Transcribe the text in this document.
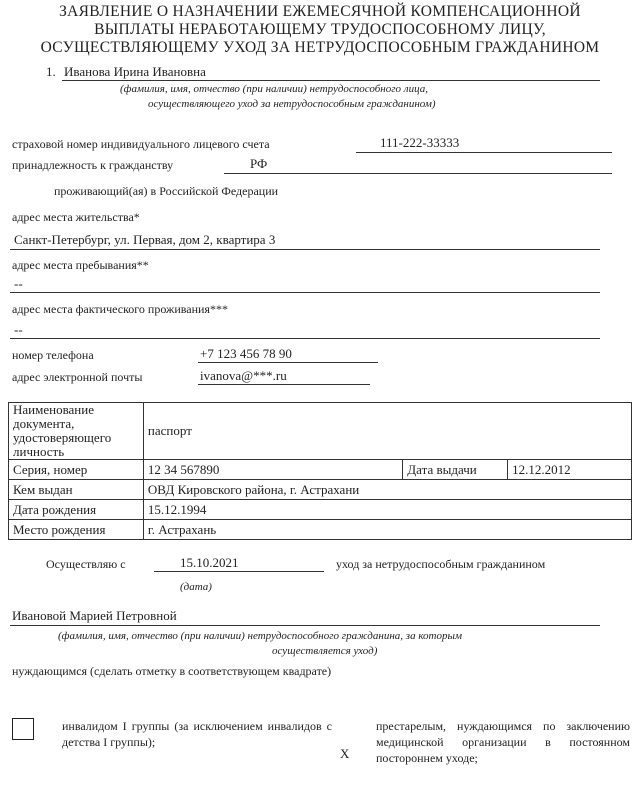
ЗАЯВЛЕНИЕ О НАЗНАЧЕНИИ ЕЖЕМЕСЯЧНОЙ КОМПЕНСАЦИОННОЙ
ВЫПЛАТЫ НЕРАБОТАЮЩЕМУ ТРУДОСПОСОБНОМУ ЛИЦУ,
ОСУЩЕСТВЛЯЮЩЕМУ УХОД ЗА НЕТРУДОСПОСОБНЫМ ГРАЖДАНИНОМ
1. Иванова Ирина Ивановна
(фамилия, имя, отчество (при наличии) нетрудоспособного лица,
осуществляющего уход за нетрудоспособным гражданином)
страховой номер индивидуального лицевого счета	111-222-33333
принадлежность к гражданству	РФ
проживающий(ая) в Российской Федерации
адрес места жительства*
Санкт-Петербург, ул. Первая, дом 2, квартира 3
адрес места пребывания**
--
адрес места фактического проживания***
--
номер телефона	+7 123 456 78 90
адрес электронной почты	ivanova@***.ru
Наименование документа, удостоверяющего личность	паспорт		
Серия, номер	12 34 567890	Дата выдачи	12.12.2012
Кем выдан	ОВД Кировского района, г. Астрахани		
Дата рождения	15.12.1994		
Место рождения	г. Астрахань		
Осуществляю с	15.10.2021	уход за нетрудоспособным гражданином
(дата)
Ивановой Марией Петровной
(фамилия, имя, отчество (при наличии) нетрудоспособного гражданина, за которым
осуществляется уход)
нуждающимся (сделать отметку в соответствующем квадрате)
инвалидом I группы (за исключением инвалидов с детства I группы);
X
престарелым, нуждающимся по заключению медицинской организации в постоянном постороннем уходе;
